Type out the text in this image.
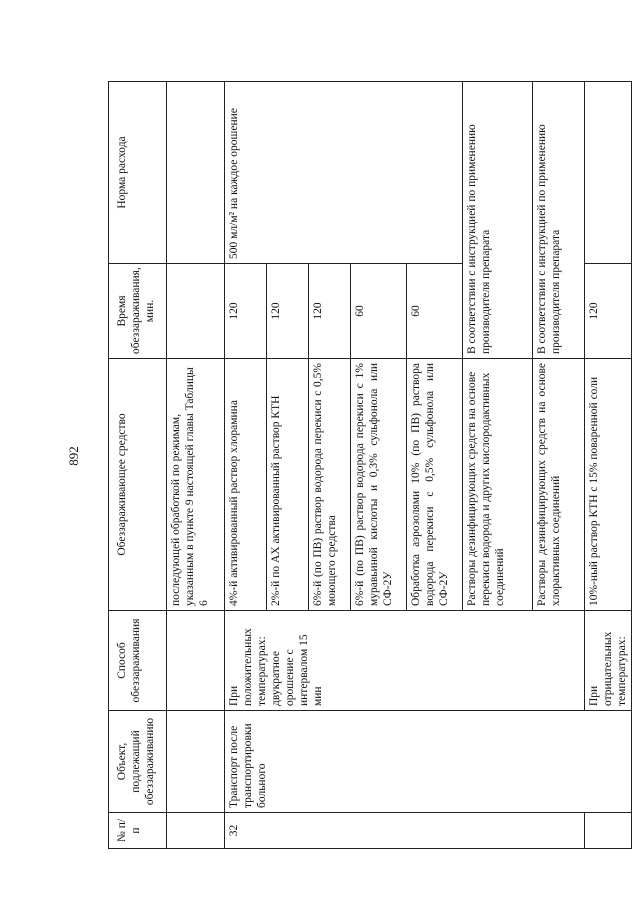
892
№ п/п	Объект, подлежащий обеззараживанию	Способ обеззараживания	Обеззараживающее средство	Время обеззараживания, мин.	Норма расхода
			последующей обработкой по режимам, указанным в пункте 9 настоящей главы Таблицы 6		
32	Транспорт после транспортировки больного	При положительных температурах: двукратное орошение с интервалом 15 мин	4%-й активированный раствор хлорамина	120	500 мл/м² на каждое орошение
			2%-й по АХ активированный раствор КТН	120	
			6%-й (по ПВ) раствор водорода перекиси с 0,5% моющего средства	120	
			6%-й (по ПВ) раствор водорода перекиси с 1% муравьиной кислоты и 0,3% сульфонола или СФ-2У	60	
			Обработка аэрозолями 10% (по ПВ) раствора водорода перекиси с 0,5% сульфонола или СФ-2У	60	
			Растворы дезинфицирующих средств на основе перекиси водорода и других кислородактивных соединений	В соответствии с инструкцией по применению производителя препарата	
			Растворы дезинфицирующих средств на основе хлорактивных соединений	В соответствии с инструкцией по применению производителя препарата	
		При отрицательных температурах:	10%-ный раствор КТН с 15% поваренной соли	120	
